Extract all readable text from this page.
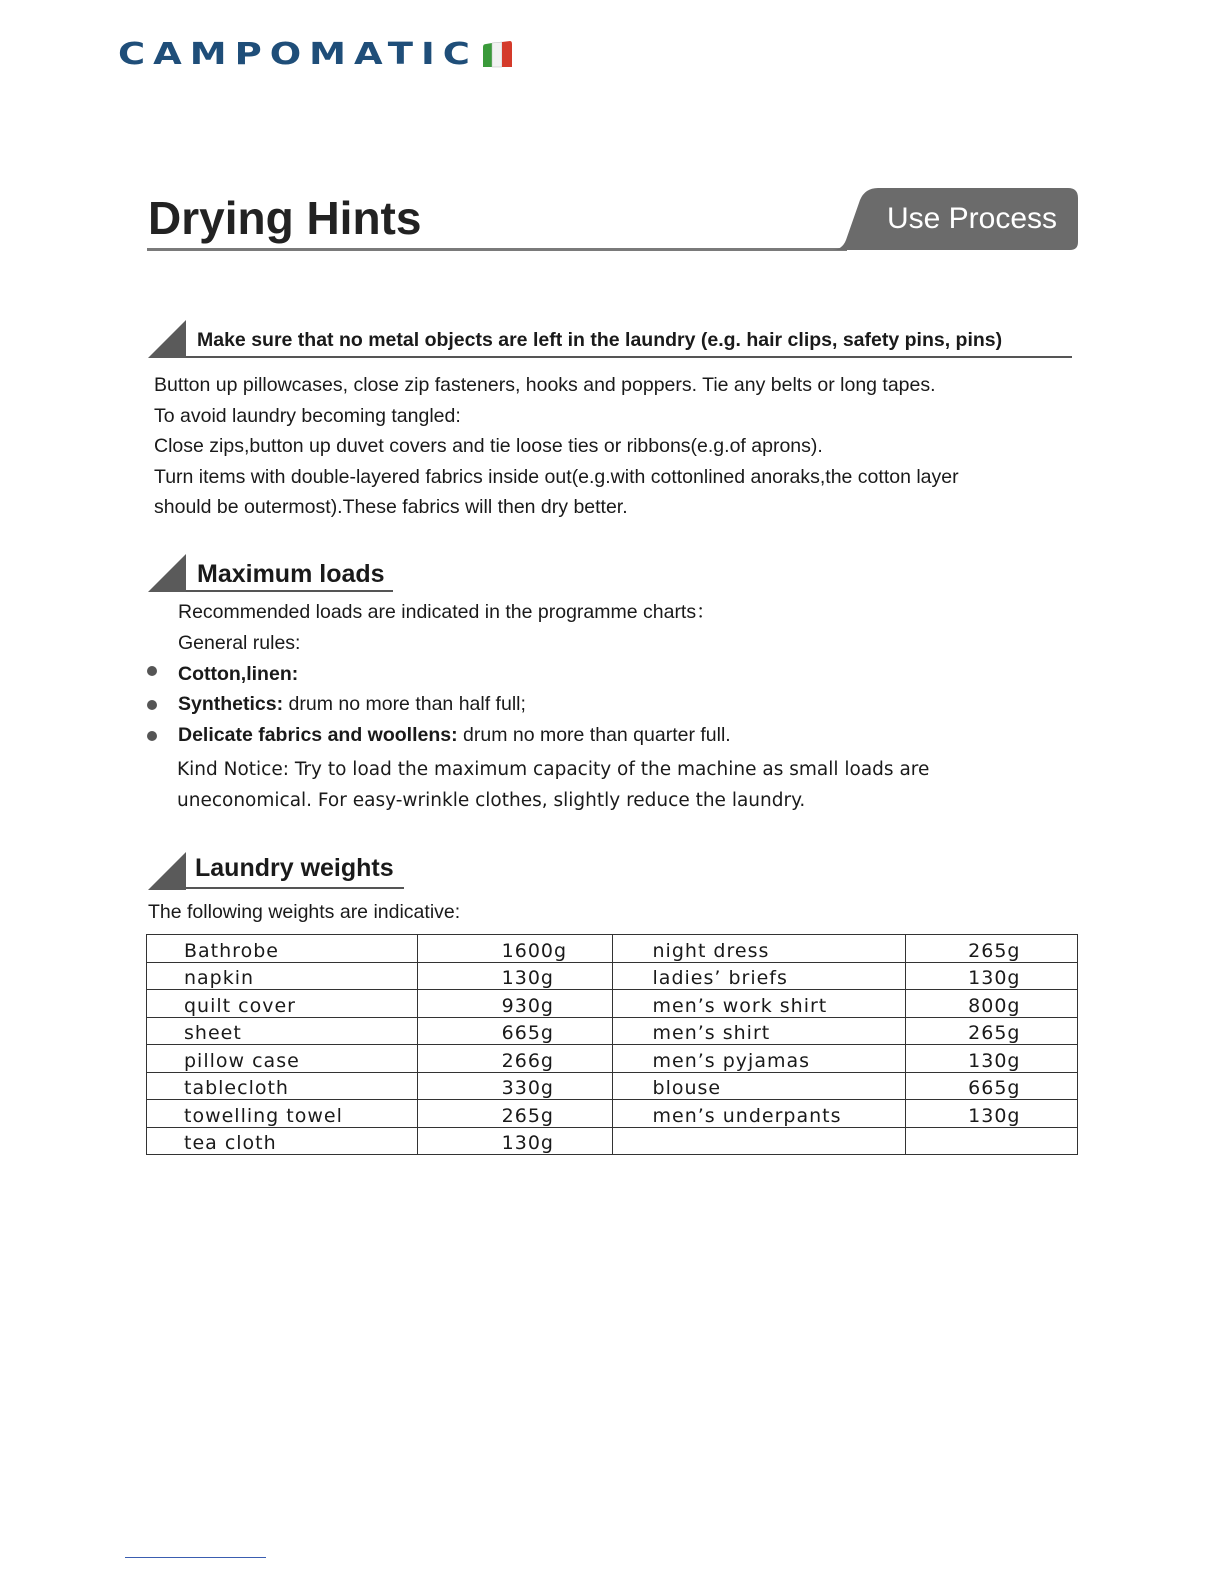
CAMPOMATIC
Drying Hints	Use Process
Make sure that no metal objects are left in the laundry (e.g. hair clips, safety pins, pins)

Button up pillowcases, close zip fasteners, hooks and poppers. Tie any belts or long tapes.

To avoid laundry becoming tangled:

Close zips,button up duvet covers and tie loose ties or ribbons(e.g.of aprons).

Turn items with double-layered fabrics inside out(e.g.with cottonlined anoraks,the cotton layer

should be outermost).These fabrics will then dry better.

Maximum loads

Recommended loads are indicated in the programme charts：

General rules:

Cotton,linen:
Synthetics: drum no more than half full;
Delicate fabrics and woollens: drum no more than quarter full.
Kind Notice: Try to load the maximum capacity of the machine as small loads are
uneconomical. For easy-wrinkle clothes, slightly reduce the laundry.
Laundry weights
The following weights are indicative:
Bathrobe	1600g	night dress	265g
napkin	130g	ladies’ briefs	130g
quilt cover	930g	men’s work shirt	800g
sheet	665g	men’s shirt	265g
pillow case	266g	men’s pyjamas	130g
tablecloth	330g	blouse	665g
towelling towel	265g	men’s underpants	130g
tea cloth	130g		
